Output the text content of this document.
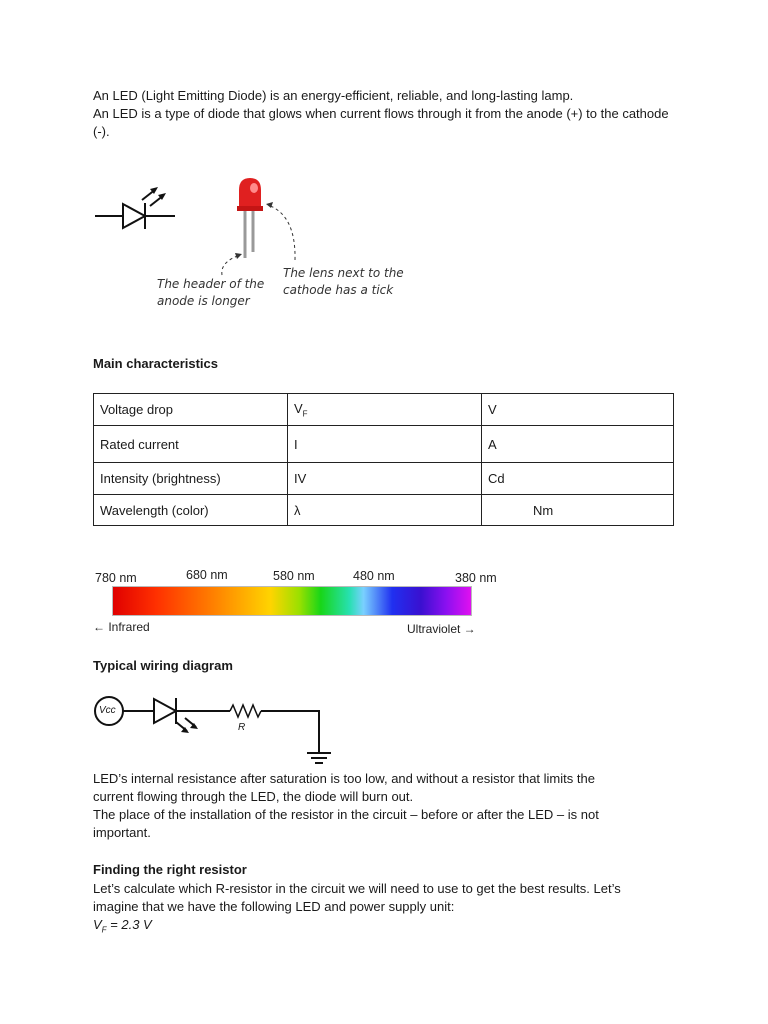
An LED (Light Emitting Diode) is an energy-efficient, reliable, and long-lasting lamp.
An LED is a type of diode that glows when current flows through it from the anode (+) to the cathode (-).
The header of the
anode is longer
The lens next to the
cathode has a tick
Main characteristics
Voltage drop	$V_F$	V
Rated current	I	A
Intensity (brightness)	IV	Cd
Wavelength (color)	λ	Nm
780 nm	680 nm	580 nm	480 nm	380 nm
← Infrared	Ultraviolet →
Typical wiring diagram
Vcc
R
LED’s internal resistance after saturation is too low, and without a resistor that limits the
current flowing through the LED, the diode will burn out.
The place of the installation of the resistor in the circuit – before or after the LED – is not
important.
Finding the right resistor
Let’s calculate which R-resistor in the circuit we will need to use to get the best results. Let’s
imagine that we have the following LED and power supply unit:
$V_F = 2.3$ V
